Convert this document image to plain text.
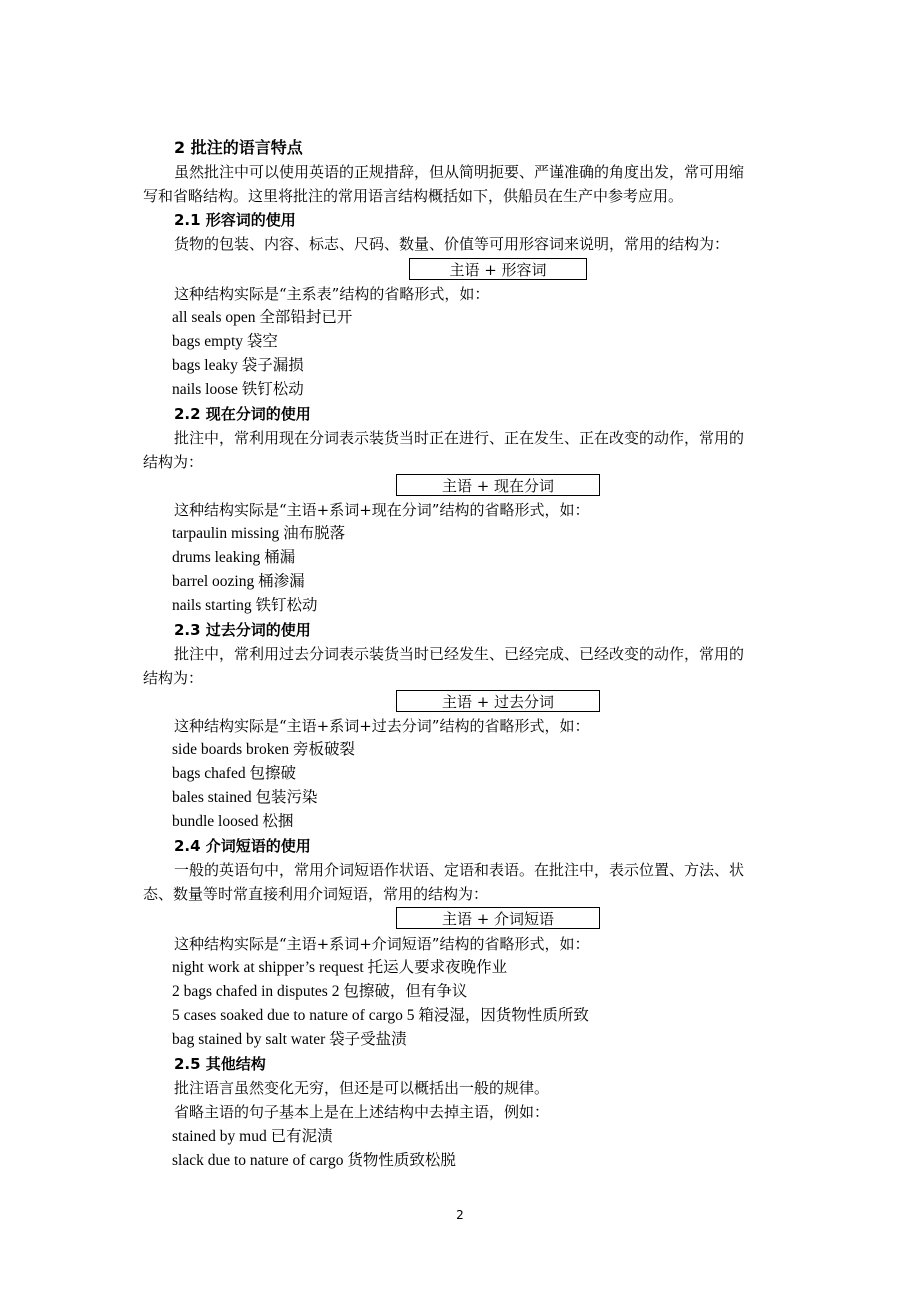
2 批注的语言特点
虽然批注中可以使用英语的正规措辞，但从简明扼要、严谨准确的角度出发，常可用缩
写和省略结构。这里将批注的常用语言结构概括如下，供船员在生产中参考应用。
2.1 形容词的使用
货物的包装、内容、标志、尺码、数量、价值等可用形容词来说明，常用的结构为：
主语 + 形容词
这种结构实际是“主系表”结构的省略形式，如：
all seals open 全部铅封已开
bags empty 袋空
bags leaky 袋子漏损
nails loose 铁钉松动
2.2 现在分词的使用
批注中，常利用现在分词表示装货当时正在进行、正在发生、正在改变的动作，常用的
结构为：
主语 + 现在分词
这种结构实际是“主语+系词+现在分词”结构的省略形式，如：
tarpaulin missing 油布脱落
drums leaking 桶漏
barrel oozing 桶渗漏
nails starting 铁钉松动
2.3 过去分词的使用
批注中，常利用过去分词表示装货当时已经发生、已经完成、已经改变的动作，常用的
结构为：
主语 + 过去分词
这种结构实际是“主语+系词+过去分词”结构的省略形式，如：
side boards broken 旁板破裂
bags chafed 包擦破
bales stained 包装污染
bundle loosed 松捆
2.4 介词短语的使用
一般的英语句中，常用介词短语作状语、定语和表语。在批注中，表示位置、方法、状
态、数量等时常直接利用介词短语，常用的结构为：
主语 + 介词短语
这种结构实际是“主语+系词+介词短语”结构的省略形式，如：
night work at shipper’s request 托运人要求夜晚作业
2 bags chafed in disputes 2 包擦破，但有争议
5 cases soaked due to nature of cargo 5 箱浸湿，因货物性质所致
bag stained by salt water 袋子受盐渍
2.5 其他结构
批注语言虽然变化无穷，但还是可以概括出一般的规律。
省略主语的句子基本上是在上述结构中去掉主语，例如：
stained by mud 已有泥渍
slack due to nature of cargo 货物性质致松脱
2
